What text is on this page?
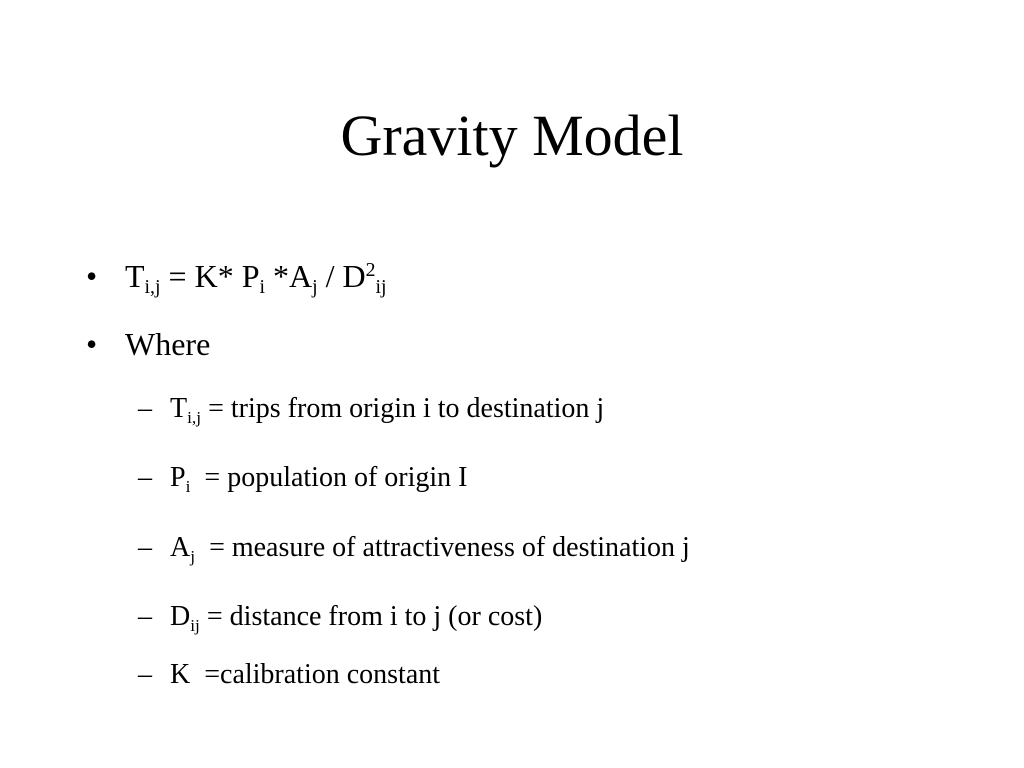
Gravity Model
• $T_{i,j} = K*$ $P_i$ $*A_j / D^2_{ij}$
• Where
– $T_{i,j}$ = trips from origin i to destination j
– $P_i$  = population of origin I
– $A_j$  = measure of attractiveness of destination j
– $D_{ij}$ = distance from i to j (or cost)
– K  =calibration constant
